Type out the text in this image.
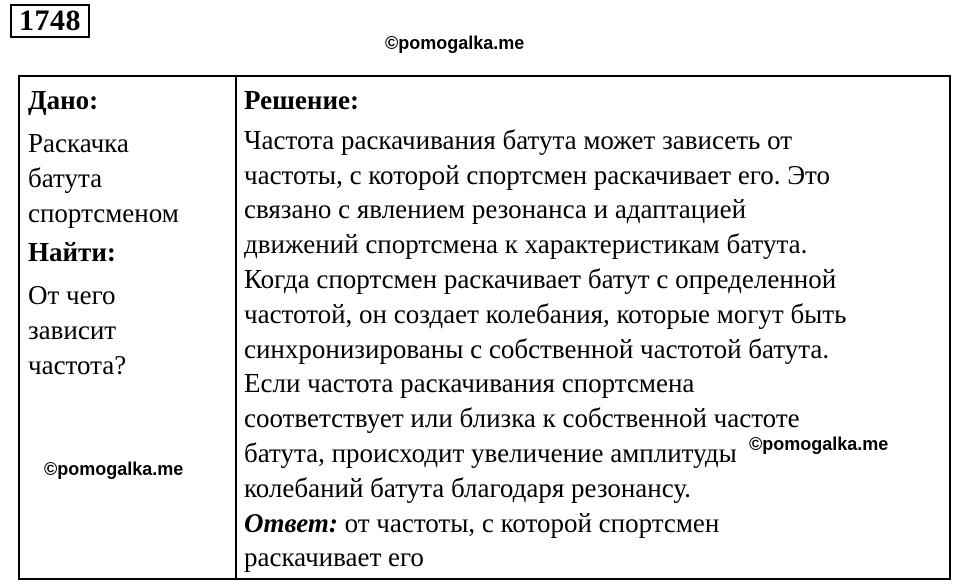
1748
©pomogalka.me
Дано:
Раскачка
батута
спортсменом
Найти:
От чего
зависит
частота?
Решение:
Частота раскачивания батута может зависеть от
частоты, с которой спортсмен раскачивает его. Это
связано с явлением резонанса и адаптацией
движений спортсмена к характеристикам батута.
Когда спортсмен раскачивает батут с определенной
частотой, он создает колебания, которые могут быть
синхронизированы с собственной частотой батута.
Если частота раскачивания спортсмена
соответствует или близка к собственной частоте
батута, происходит увеличение амплитуды
колебаний батута благодаря резонансу.
Ответ: от частоты, с которой спортсмен
раскачивает его
©pomogalka.me
©pomogalka.me
